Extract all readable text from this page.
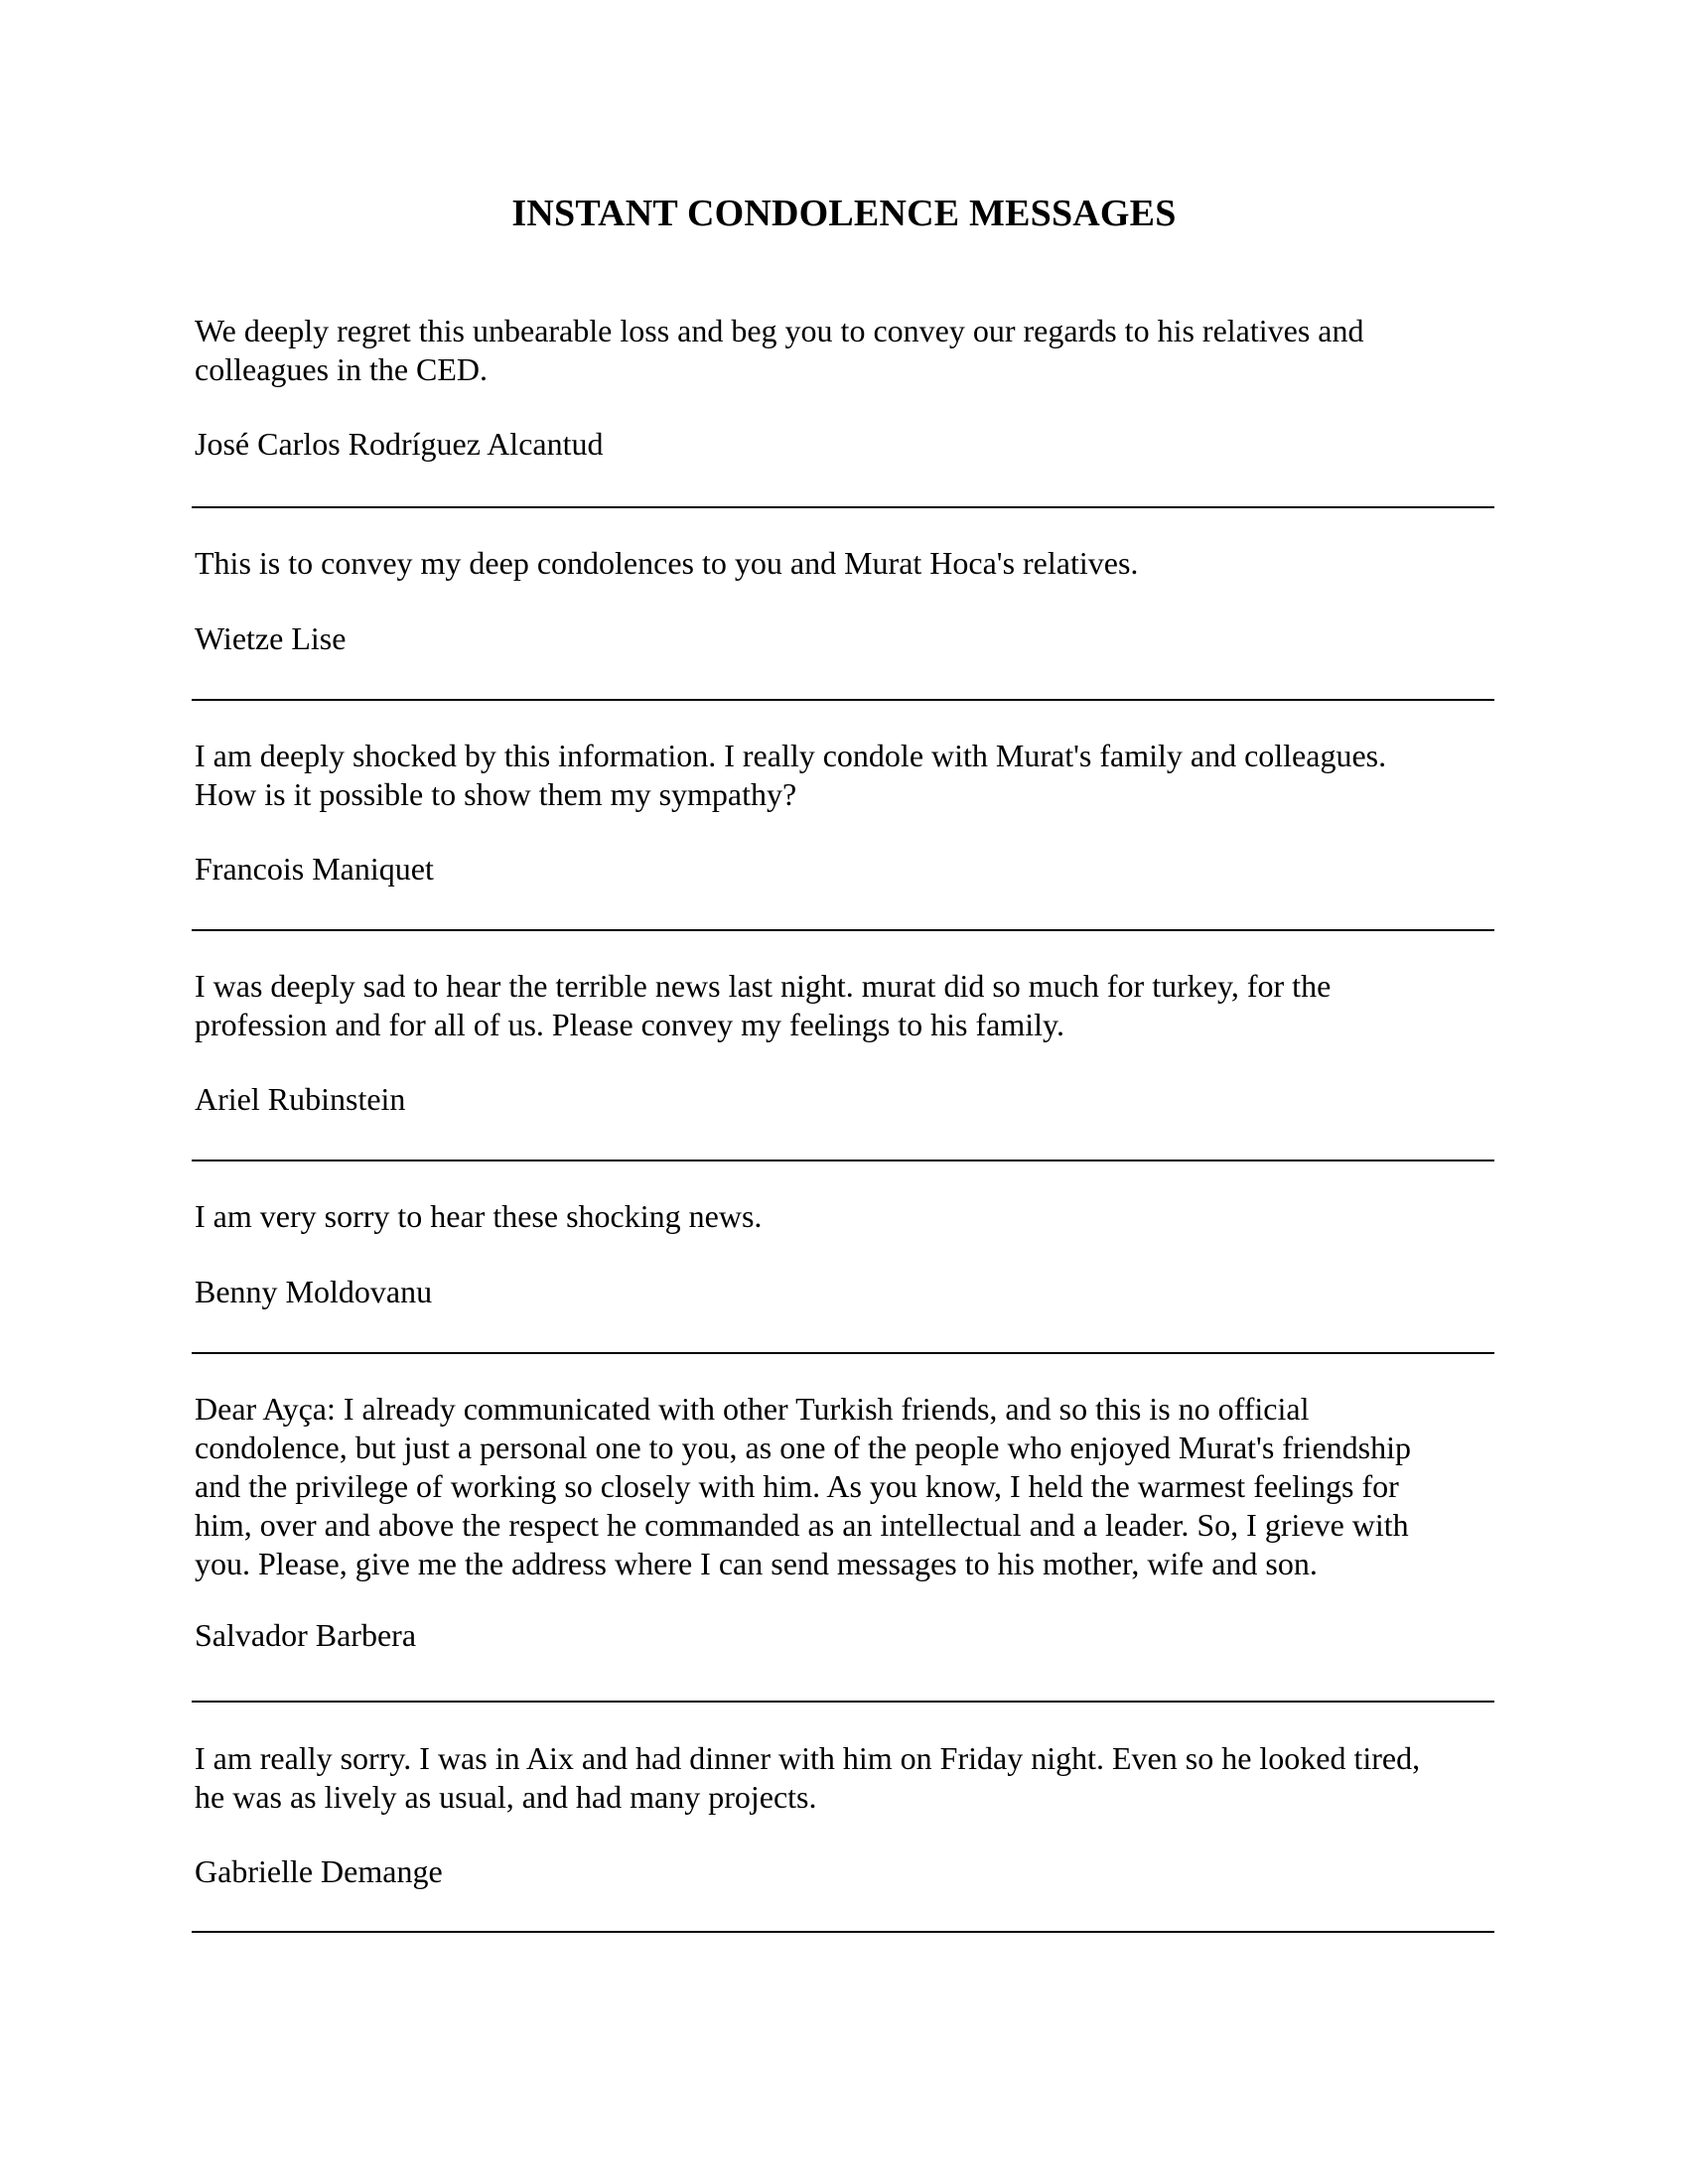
INSTANT CONDOLENCE MESSAGES

We deeply regret this unbearable loss and beg you to convey our regards to his relatives and
colleagues in the CED.

José Carlos Rodríguez Alcantud

This is to convey my deep condolences to you and Murat Hoca's relatives.

Wietze Lise

I am deeply shocked by this information. I really condole with Murat's family and colleagues.
How is it possible to show them my sympathy?

Francois Maniquet

I was deeply sad to hear the terrible news last night. murat did so much for turkey, for the
profession and for all of us. Please convey my feelings to his family.

Ariel Rubinstein

I am very sorry to hear these shocking news.

Benny Moldovanu

Dear Ayça: I already communicated with other Turkish friends, and so this is no official
condolence, but just a personal one to you, as one of the people who enjoyed Murat's friendship
and the privilege of working so closely with him. As you know, I held the warmest feelings for
him, over and above the respect he commanded as an intellectual and a leader. So, I grieve with
you. Please, give me the address where I can send messages to his mother, wife and son.

Salvador Barbera

I am really sorry. I was in Aix and had dinner with him on Friday night. Even so he looked tired,
he was as lively as usual, and had many projects.

Gabrielle Demange
